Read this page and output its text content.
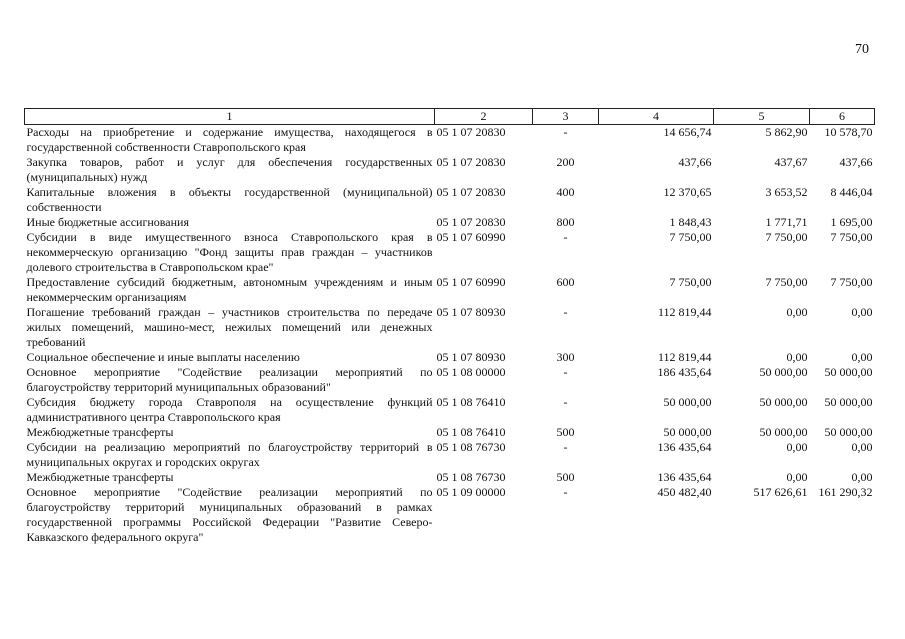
70
1	2	3	4	5	6
Расходы на приобретение и содержание имущества, находящегося в государственной собственности Ставропольского края	05 1 07 20830	-	14 656,74	5 862,90	10 578,70
Закупка товаров, работ и услуг для обеспечения государственных (муниципальных) нужд	05 1 07 20830	200	437,66	437,67	437,66
Капитальные вложения в объекты государственной (муниципальной) собственности	05 1 07 20830	400	12 370,65	3 653,52	8 446,04
Иные бюджетные ассигнования	05 1 07 20830	800	1 848,43	1 771,71	1 695,00
Субсидии в виде имущественного взноса Ставропольского края в некоммерческую организацию "Фонд защиты прав граждан – участников долевого строительства в Ставропольском крае"	05 1 07 60990	-	7 750,00	7 750,00	7 750,00
Предоставление субсидий бюджетным, автономным учреждениям и иным некоммерческим организациям	05 1 07 60990	600	7 750,00	7 750,00	7 750,00
Погашение требований граждан – участников строительства по передаче жилых помещений, машино-мест, нежилых помещений или денежных требований	05 1 07 80930	-	112 819,44	0,00	0,00
Социальное обеспечение и иные выплаты населению	05 1 07 80930	300	112 819,44	0,00	0,00
Основное мероприятие "Содействие реализации мероприятий по благоустройству территорий муниципальных образований"	05 1 08 00000	-	186 435,64	50 000,00	50 000,00
Субсидия бюджету города Ставрополя на осуществление функций административного центра Ставропольского края	05 1 08 76410	-	50 000,00	50 000,00	50 000,00
Межбюджетные трансферты	05 1 08 76410	500	50 000,00	50 000,00	50 000,00
Субсидии на реализацию мероприятий по благоустройству территорий в муниципальных округах и городских округах	05 1 08 76730	-	136 435,64	0,00	0,00
Межбюджетные трансферты	05 1 08 76730	500	136 435,64	0,00	0,00
Основное мероприятие "Содействие реализации мероприятий по благоустройству территорий муниципальных образований в рамках государственной программы Российской Федерации "Развитие Северо-Кавказского федерального округа"	05 1 09 00000	-	450 482,40	517 626,61	161 290,32
